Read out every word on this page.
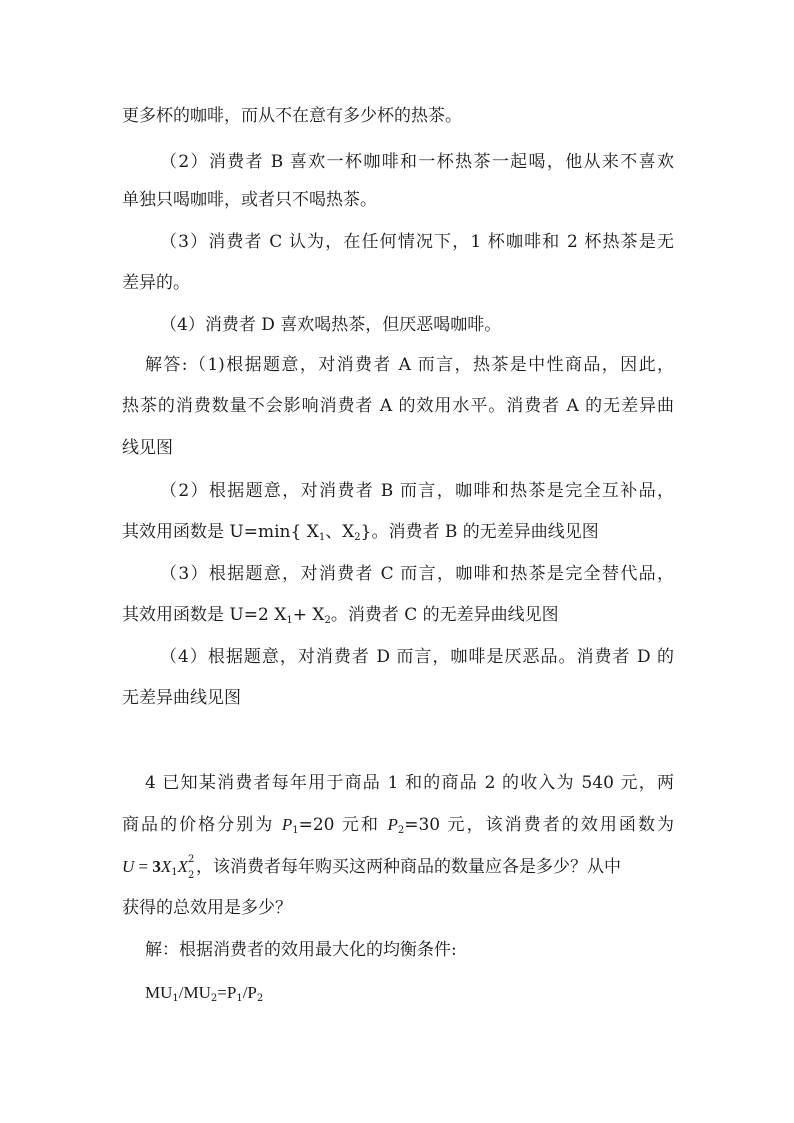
更多杯的咖啡，而从不在意有多少杯的热茶。
（2）消费者 B 喜欢一杯咖啡和一杯热茶一起喝，他从来不喜欢
单独只喝咖啡，或者只不喝热茶。
（3）消费者 C 认为，在任何情况下，1 杯咖啡和 2 杯热茶是无
差异的。
（4）消费者 D 喜欢喝热茶，但厌恶喝咖啡。
解答:（1)根据题意，对消费者 A 而言，热茶是中性商品，因此，
热茶的消费数量不会影响消费者 A 的效用水平。消费者 A 的无差异曲
线见图
（2）根据题意，对消费者 B 而言，咖啡和热茶是完全互补品，
其效用函数是 U=min{ $X_1$、$X_2$}。消费者 B 的无差异曲线见图
（3）根据题意，对消费者 C 而言，咖啡和热茶是完全替代品，
其效用函数是 U=2 $X_1+ X_2$。消费者 C 的无差异曲线见图
（4）根据题意，对消费者 D 而言，咖啡是厌恶品。消费者 D 的
无差异曲线见图
4 已知某消费者每年用于商品 1 和的商品 2 的收入为 540 元，两
商品的价格分别为 $P_1=20$ 元和 $P_2=30$ 元，该消费者的效用函数为
$U = 3X_1X$ 2
2 ，该消费者每年购买这两种商品的数量应各是多少？从中
获得的总效用是多少？
解：根据消费者的效用最大化的均衡条件:
$MU_1/MU_2=P_1/P_2$
